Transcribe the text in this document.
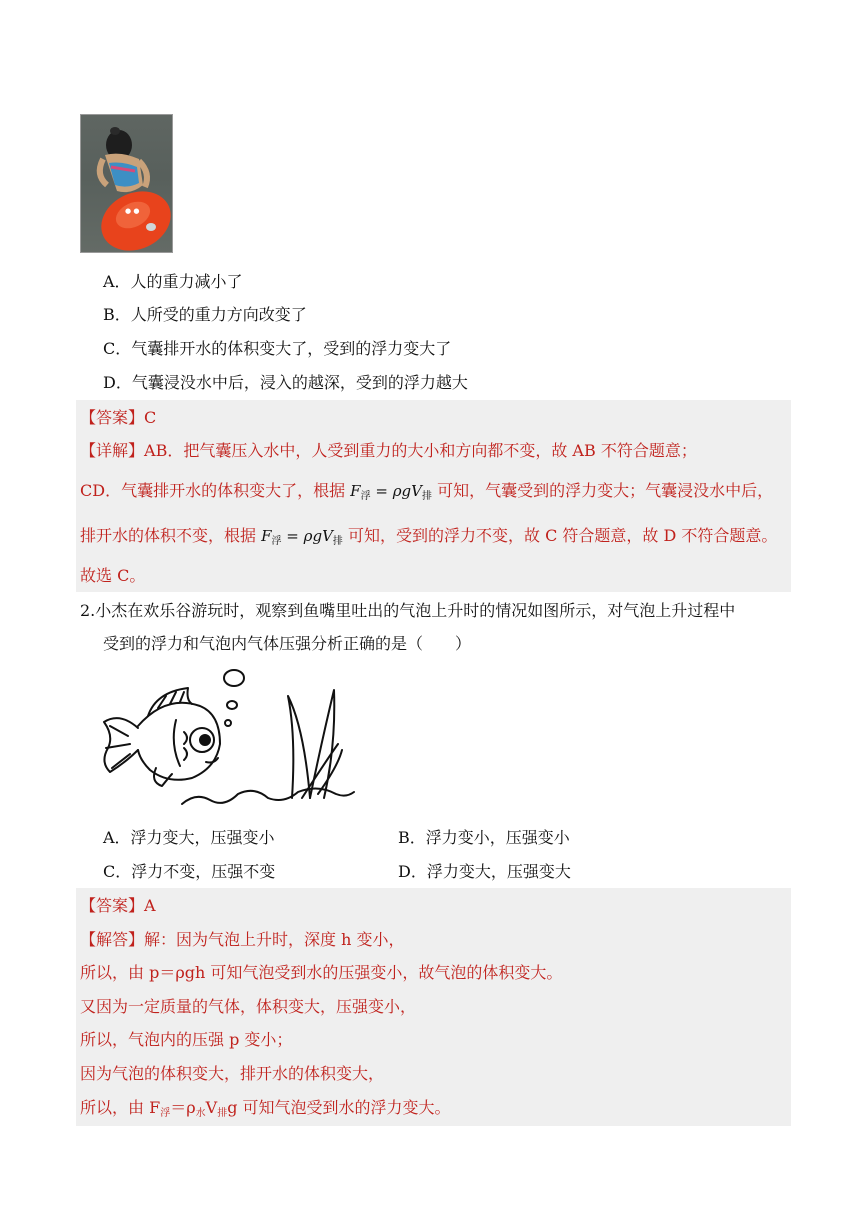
● ●
A．人的重力减小了
B．人所受的重力方向改变了
C．气囊排开水的体积变大了，受到的浮力变大了
D．气囊浸没水中后，浸入的越深，受到的浮力越大
【答案】C
【详解】AB．把气囊压入水中，人受到重力的大小和方向都不变，故 AB 不符合题意；
CD．气囊排开水的体积变大了，根据 $F_浮 = \rho gV_排$ 可知，气囊受到的浮力变大；气囊浸没水中后，
排开水的体积不变，根据 $F_浮 = \rho gV_排$ 可知，受到的浮力不变，故 C 符合题意，故 D 不符合题意。
故选 C。
2.小杰在欢乐谷游玩时，观察到鱼嘴里吐出的气泡上升时的情况如图所示，对气泡上升过程中
受到的浮力和气泡内气体压强分析正确的是（　　）
A．浮力变大，压强变小	B．浮力变小，压强变小
C．浮力不变，压强不变	D．浮力变大，压强变大
【答案】A
【解答】解：因为气泡上升时，深度 h 变小，
所以，由 p＝ρgh 可知气泡受到水的压强变小，故气泡的体积变大。
又因为一定质量的气体，体积变大，压强变小，
所以，气泡内的压强 p 变小；
因为气泡的体积变大，排开水的体积变大，
所以，由 $F_浮=\rho_水V_排g$ 可知气泡受到水的浮力变大。
